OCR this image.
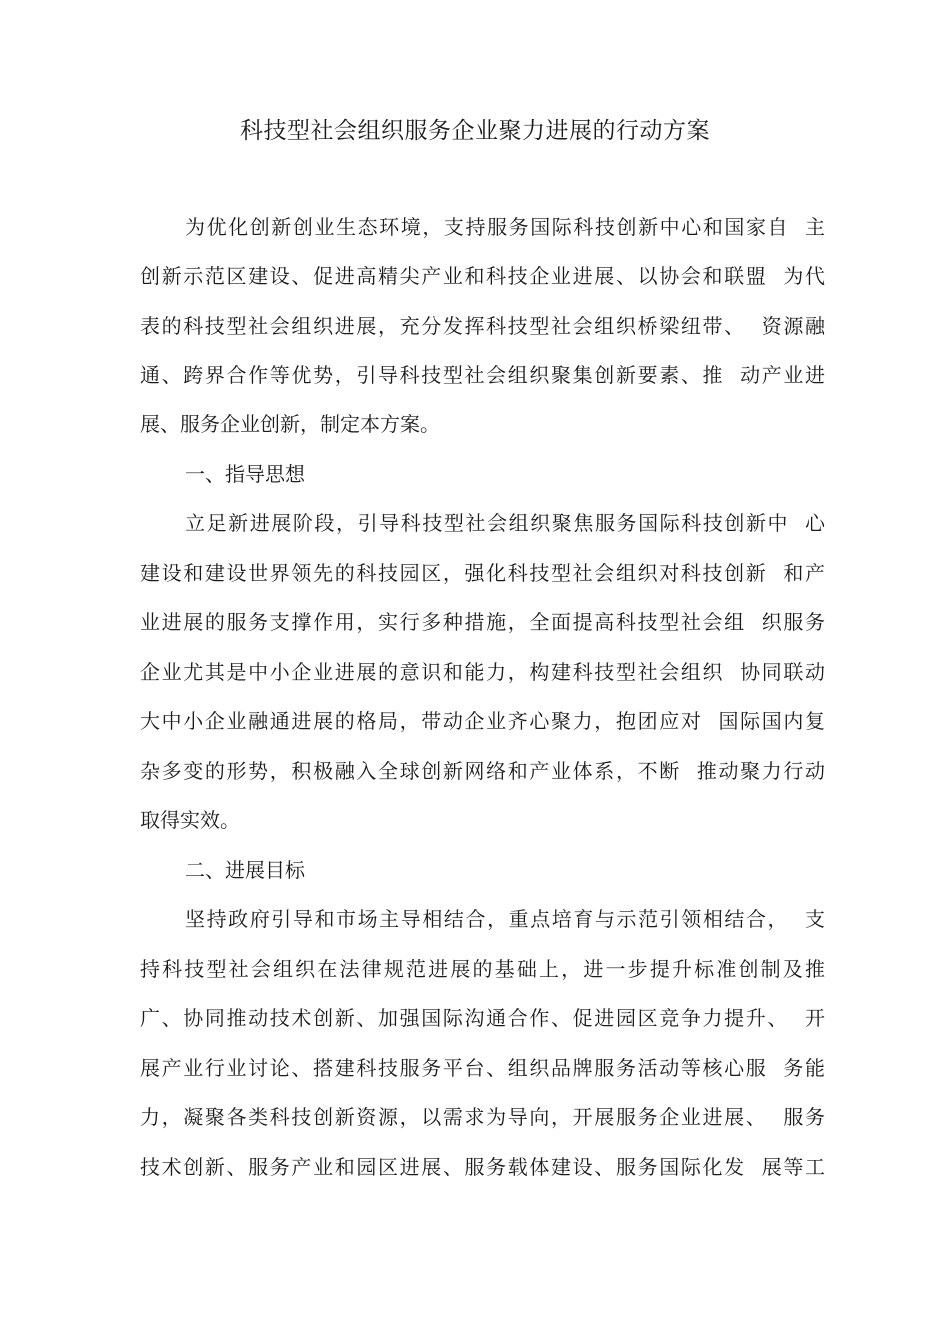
科技型社会组织服务企业聚力进展的行动方案
为优化创新创业生态环境，支持服务国际科技创新中心和国家自  主
创新示范区建设、促进高精尖产业和科技企业进展、以协会和联盟  为代
表的科技型社会组织进展，充分发挥科技型社会组织桥梁纽带、  资源融
通、跨界合作等优势，引导科技型社会组织聚集创新要素、推  动产业进
展、服务企业创新，制定本方案。
一、指导思想
立足新进展阶段，引导科技型社会组织聚焦服务国际科技创新中  心
建设和建设世界领先的科技园区，强化科技型社会组织对科技创新  和产
业进展的服务支撑作用，实行多种措施，全面提高科技型社会组  织服务
企业尤其是中小企业进展的意识和能力，构建科技型社会组织  协同联动
大中小企业融通进展的格局，带动企业齐心聚力，抱团应对  国际国内复
杂多变的形势，积极融入全球创新网络和产业体系，不断  推动聚力行动
取得实效。
二、进展目标
坚持政府引导和市场主导相结合，重点培育与示范引领相结合，  支
持科技型社会组织在法律规范进展的基础上，进一步提升标准创制及推
广、协同推动技术创新、加强国际沟通合作、促进园区竞争力提升、  开
展产业行业讨论、搭建科技服务平台、组织品牌服务活动等核心服  务能
力，凝聚各类科技创新资源，以需求为导向，开展服务企业进展、  服务
技术创新、服务产业和园区进展、服务载体建设、服务国际化发  展等工
